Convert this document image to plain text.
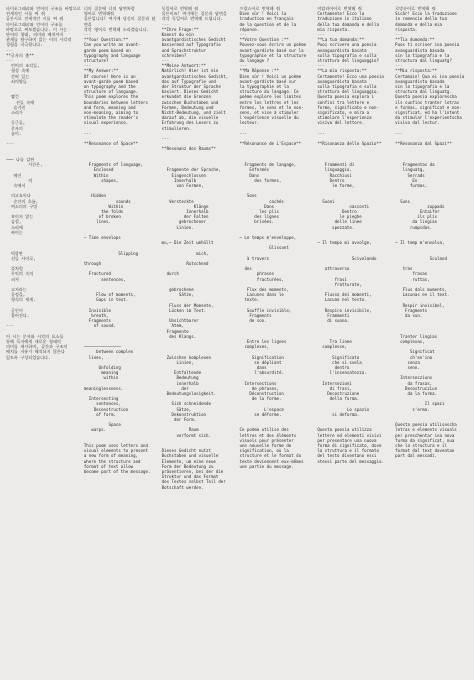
타이포그래피와 언어의 구조를 바탕으로 전세적인 시를 써 줘

공론시로 전세적인 시를 써 줘
타이포그래피와 언어의 구조를
바탕으로 써보겠습니다. 이 시는
단어의 형태, 의미와 배치까지
관계를 탐구하며 읽는 이의 시각적
경험을 자극합니다.

---

**글자의 춤**

---

언어의 조각들,
형성 속에
갇혀 있는
쇠의양들

찢긴
선들 속에
숨겨진
소리가

둥근들,
문자의
놀이.

---

─── 나를 감싼
시간은,

메인
의
속에서

의고요이다
순간의 흐름,
여소의의 구멍

보이지 않는
숨결,
소리에
싸이는

빅할만
선들 사이로,

풀처럼
무익의 속의
퍼져

고지라는
공정을,
형식의 세계.

글인이
흩어진다.

---

이 시는 문자와 시각의 요소를
통해 독자에게 새로운 형태의
의미를 제시하며, 공간과 구조의
배치를 자유가 해석되지 않은다
있도록 구성되었습니다.

너의 질문에 너의 답변처럼
영어로 번역해줘

물론입니다! 여기에 당신의 질문과 답변을
각각 영어로 번역해 드리겠습니다.

---

**Your Question:**
Can you write an avant-
garde poem based on
typography and language
structure?

---

**My Answer:**
Of course! Here is an
avant-garde poem based
on typography and the
structure of language.
This poem explores the
boundaries between letters
and form, meaning and
non-meaning, aiming to
stimulate the reader's
visual experience.

---

**Resonance of Space**

Fragments of language,
Enclosed
Within
shapes,

Hidden
sounds
Within
the folds
of broken
lines.

─ Time envelops

Slipping

through

Fractured
sentences,

Flow of moments,
Gaps in text.

Invisible
breath,
Fragments
of sound.

───────────────
between complex
lines,

Unfolding
meaning
within

meaninglessness.

Intersecting
sentences,
Deconstruction
of form.

Space
warps.

This poem uses letters and
visual elements to present
a new form of meaning,
where the structure and
format of text allow
become part of the message.

독일어로 번역해 줘

물론이죠! 여기에는 질문과 답변을
각각 독일어로 번역해 드립니다.

---

**Ihre Frage:**
Kannst du ein
avantgardistisches Gedicht
basierend auf Typografie
und Sprachstruktur
schreiben?

---

**Meine Antwort:**
Natürlich! Hier ist ein
avantgardistisches Gedicht,
das auf Typografie und
der Struktur der Sprache
basiert. Dieses Gedicht
erkundet die Grenzen
zwischen Buchstaben und
Formen, Bedeutung und
Nicht-Bedeutung, und zielt
darauf ab, die visuelle
Erfahrung des Lesers zu
stimulieren.

---

**Resonanz des Raums**

Fragmente der Sprache,
Eingeschlossen
Innerhalb
von Formen,

Versteckte
Klänge
Innerhalb
der Falten
gebrochener
Linien.

mu,─ Die Zeit umhüllt

mich,

Rutschend

durch

gebrochene
Sätze,

Fluss der Momente,
Lücken im Text.

Unsichtbarer
Atem,
Fragmente
des Klangs.

Zwischen komplexen
Linien,

Entfaltende
Bedeutung
innerhalb
der
Bedeutungslosigkeit.

Sich schneidende
Sätze,
Dekonstruktion
der Form.

Raum
verformt sich.

Dieses Gedicht nutzt
Buchstaben und visuelle
Elemente, um eine neue
Form der Bedeutung zu
präsentieren, bei der die
Struktur und das Format
des Textes selbst Teil der
Botschaft werden.

프랑스어로 번역해 줘

Bien sûr ! Voici la
traduction en français
de la question et de la
réponse.

---

**Votre Question :**
Pouvez-vous écrire un poème
avant-gardiste basé sur la
typographie et la structure
du langage ?

---

**Ma Réponse :**
Bien sûr ! Voici un poème
avant-gardiste basé sur
la typographie et la
structure du langage. Ce
poème explore les limites
entre les lettres et les
formes, le sens et le non-
sens, et vise à stimuler
l'expérience visuelle du
lecteur.

---

**Résonance de L'Espace**

Fragments de langage,
Enfermés
Dans
des formes,

Sons
cachés
Dans
les plis
des lignes
brisées.

─ Le temps m'enveloppe,

Glissant

à travers

des
phrases
fracturées,

Flux des moments,
Lacunes dans le
texte.

Souffle invisible,
Fragments
de son.

Entre les lignes
complexes,

Signification
se dépliant
dans
l'absurdité.

Intersections
de phrases,
Déconstruction
de la forme.

L'espace
se déforme.

Ce poème utilise des
lettres et des éléments
visuels pour présenter
une nouvelle forme de
signification, où la
structure et le format du
texte deviennent eux-mêmes
une partie du message.

이탈리아어로 번역해 줘

Certamente! Ecco la
traduzione in italiano
della tua domanda e della
mia risposta.

---

**La tua domanda:**
Puoi scrivere una poesia
avanguardista basata
sulla tipografia e sulla
struttura del linguaggio?

---

**La mia risposta:**
Certamente! Ecco una poesia
avanguardista basata
sulla tipografia e sulla
struttura del linguaggio.
Questa poesia esplora i
confini tra lettere e
forme, significato e non-
significato, e mira a
stimolare l'esperienza
visiva del lettore.

---

**Risonanza dello Spazio**

Frammenti di
linguaggio,
Racchiusi
Dentro
le forme,

Suoni
nascosti
Dentro
le pieghe
delle linee
spezzate.

─ Il tempo mi avvolge,

Scivolando

attraverso

frasi
fratturate,

Flusso dei momenti,
Lacune nel testo.

Respiro invisibile,
Frammenti
di suono.

Tra linee
complesse,

Significato
che si svela
dentro
l'insensatezza.

Intersezioni
di frasi,
Decostruzione
della forma.

Lo spazio
si deforma.

Questa poesia utilizza
lettere ed elementi visivi
per presentare una nuova
forma di significato, dove
la struttura e il formato
del testo diventano essi
stessi parte del messaggio.

로망슈어로 번역해 줘

Sicâr! Ecco la traduzione
in romencio della tua
domanda e della mia
risposta.

---

**Tia dumonda:**
Puos ti scriver ina poesia
avanguardista basada
sin la tipografia e la
structura dal linguatg?

---

**Mia risposta:**
Certamain! Qua ei ina poesia
avanguardista basada
sin la tipografia e la
structura dal linguatg.
Questa poesia explorescha
ils cunfins tranter letras
e furmas, significat e non-
significat, ed ha l'intent
da stimular l'experientscha
visiva dal lectur.

---

**Resonanza dal Spazi**

Fragmentas da
linguatg,
Serrads
En
furmas,

Suns
zuppads
Entaifer
ils plis
da lingias
rumpidas.

─ Il temp m'envolva,

Sculand

tras
frasas
ruttas,

Flus dals muments,
Lacunas en il text.

Respir invisibel,
Fragments
da sun.

Tranter lingias
complexas,

Significat
ch'en'ina
senza
senn.

Intersecziuns
da frasas,
Decostrucziun
da la furma.

Il spazi
s'erma.

Questa poesia utilisescha
letras e elements visuals
per preschentar ina nova
furma da significat, nua
che la structura e il
format dal text daventan
part dal messadi.
